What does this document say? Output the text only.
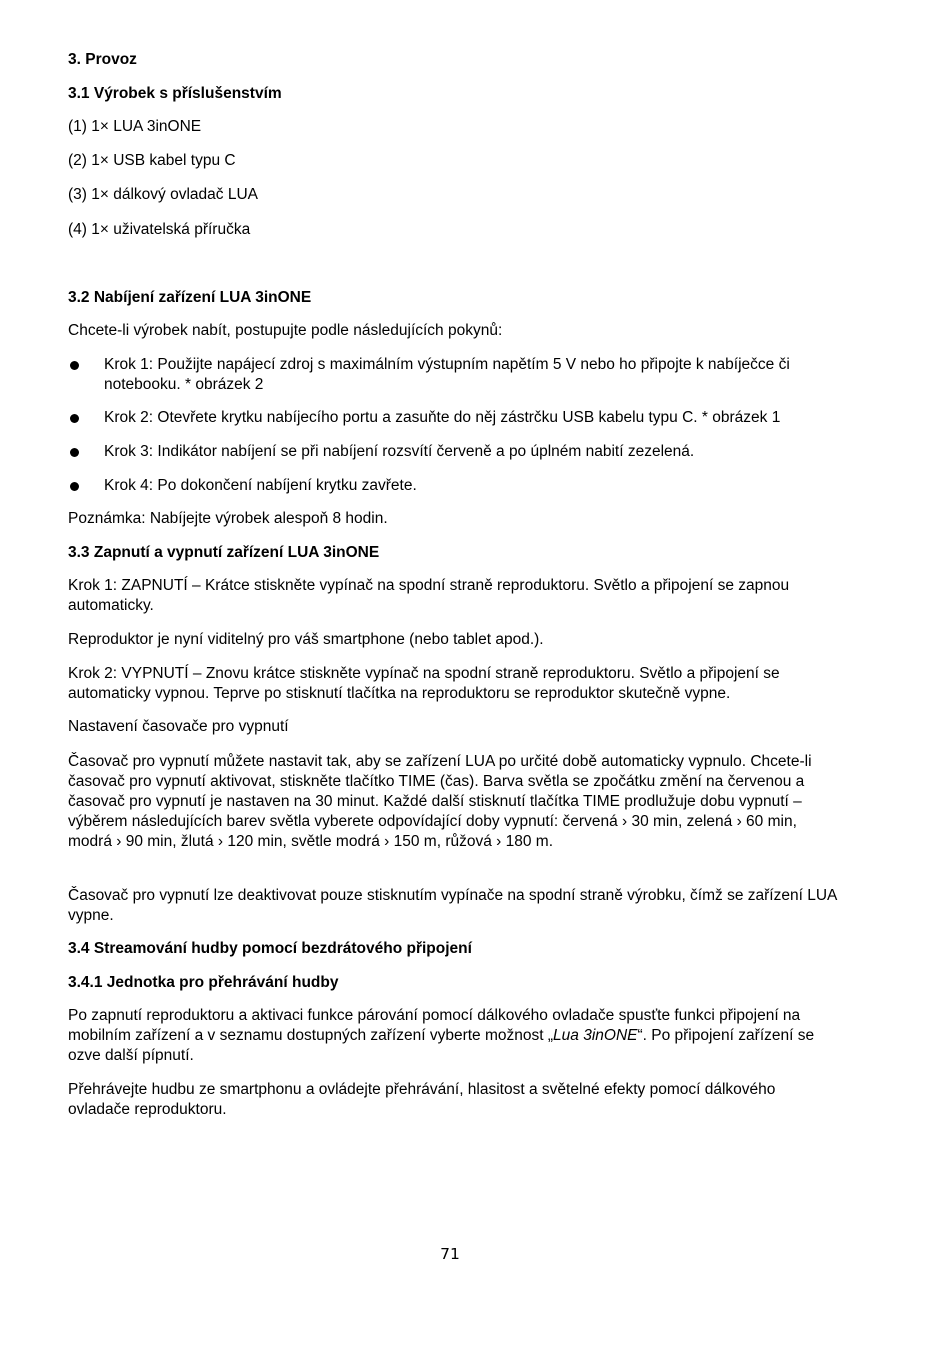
3. Provoz
3.1 Výrobek s příslušenstvím
(1) 1× LUA 3inONE
(2) 1× USB kabel typu C
(3) 1× dálkový ovladač LUA
(4) 1× uživatelská příručka
3.2 Nabíjení zařízení LUA 3inONE
Chcete-li výrobek nabít, postupujte podle následujících pokynů:
Krok 1: Použijte napájecí zdroj s maximálním výstupním napětím 5 V nebo ho připojte k nabíječce či notebooku. * obrázek 2
Krok 2: Otevřete krytku nabíjecího portu a zasuňte do něj zástrčku USB kabelu typu C. * obrázek 1
Krok 3: Indikátor nabíjení se při nabíjení rozsvítí červeně a po úplném nabití zezelená.
Krok 4: Po dokončení nabíjení krytku zavřete.
Poznámka: Nabíjejte výrobek alespoň 8 hodin.
3.3 Zapnutí a vypnutí zařízení LUA 3inONE
Krok 1: ZAPNUTÍ – Krátce stiskněte vypínač na spodní straně reproduktoru. Světlo a připojení se zapnou automaticky.
Reproduktor je nyní viditelný pro váš smartphone (nebo tablet apod.).
Krok 2: VYPNUTÍ – Znovu krátce stiskněte vypínač na spodní straně reproduktoru. Světlo a připojení se automaticky vypnou. Teprve po stisknutí tlačítka na reproduktoru se reproduktor skutečně vypne.
Nastavení časovače pro vypnutí
Časovač pro vypnutí můžete nastavit tak, aby se zařízení LUA po určité době automaticky vypnulo. Chcete-li časovač pro vypnutí aktivovat, stiskněte tlačítko TIME (čas). Barva světla se zpočátku změní na červenou a časovač pro vypnutí je nastaven na 30 minut. Každé další stisknutí tlačítka TIME prodlužuje dobu vypnutí – výběrem následujících barev světla vyberete odpovídající doby vypnutí: červená › 30 min, zelená › 60 min, modrá › 90 min, žlutá › 120 min, světle modrá › 150 m, růžová › 180 m.
Časovač pro vypnutí lze deaktivovat pouze stisknutím vypínače na spodní straně výrobku, čímž se zařízení LUA vypne.
3.4 Streamování hudby pomocí bezdrátového připojení
3.4.1 Jednotka pro přehrávání hudby
Po zapnutí reproduktoru a aktivaci funkce párování pomocí dálkového ovladače spusťte funkci připojení na mobilním zařízení a v seznamu dostupných zařízení vyberte možnost „Lua 3inONE“. Po připojení zařízení se ozve další pípnutí.
Přehrávejte hudbu ze smartphonu a ovládejte přehrávání, hlasitost a světelné efekty pomocí dálkového ovladače reproduktoru.
71
